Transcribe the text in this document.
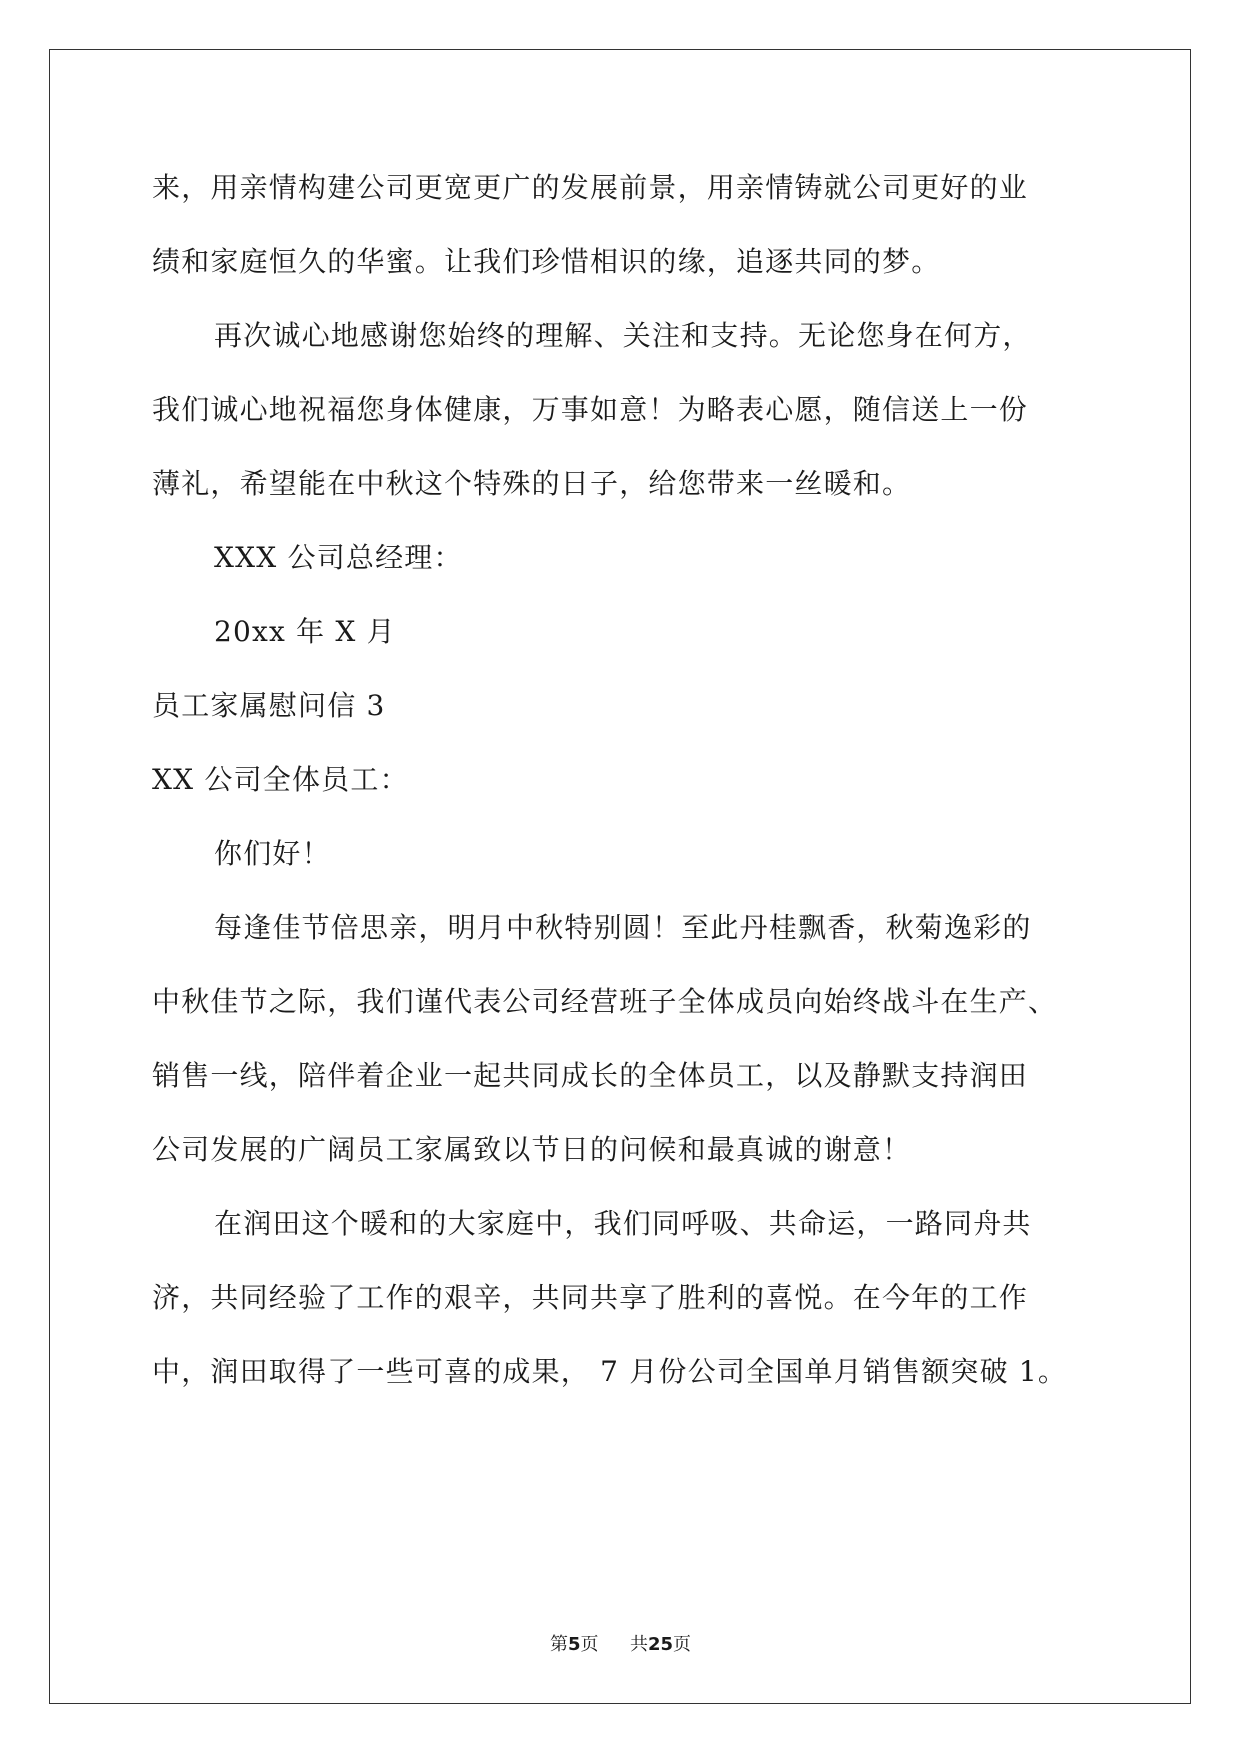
来，用亲情构建公司更宽更广的发展前景，用亲情铸就公司更好的业
绩和家庭恒久的华蜜。让我们珍惜相识的缘，追逐共同的梦。
再次诚心地感谢您始终的理解、关注和支持。无论您身在何方，
我们诚心地祝福您身体健康，万事如意！为略表心愿，随信送上一份
薄礼，希望能在中秋这个特殊的日子，给您带来一丝暖和。
XXX 公司总经理：
20xx 年 X 月
员工家属慰问信 3
XX 公司全体员工：
你们好！
每逢佳节倍思亲，明月中秋特别圆！至此丹桂飘香，秋菊逸彩的
中秋佳节之际，我们谨代表公司经营班子全体成员向始终战斗在生产、
销售一线，陪伴着企业一起共同成长的全体员工，以及静默支持润田
公司发展的广阔员工家属致以节日的问候和最真诚的谢意！
在润田这个暖和的大家庭中，我们同呼吸、共命运，一路同舟共
济，共同经验了工作的艰辛，共同共享了胜利的喜悦。在今年的工作
中，润田取得了一些可喜的成果， 7 月份公司全国单月销售额突破 1。
第5页 共25页
